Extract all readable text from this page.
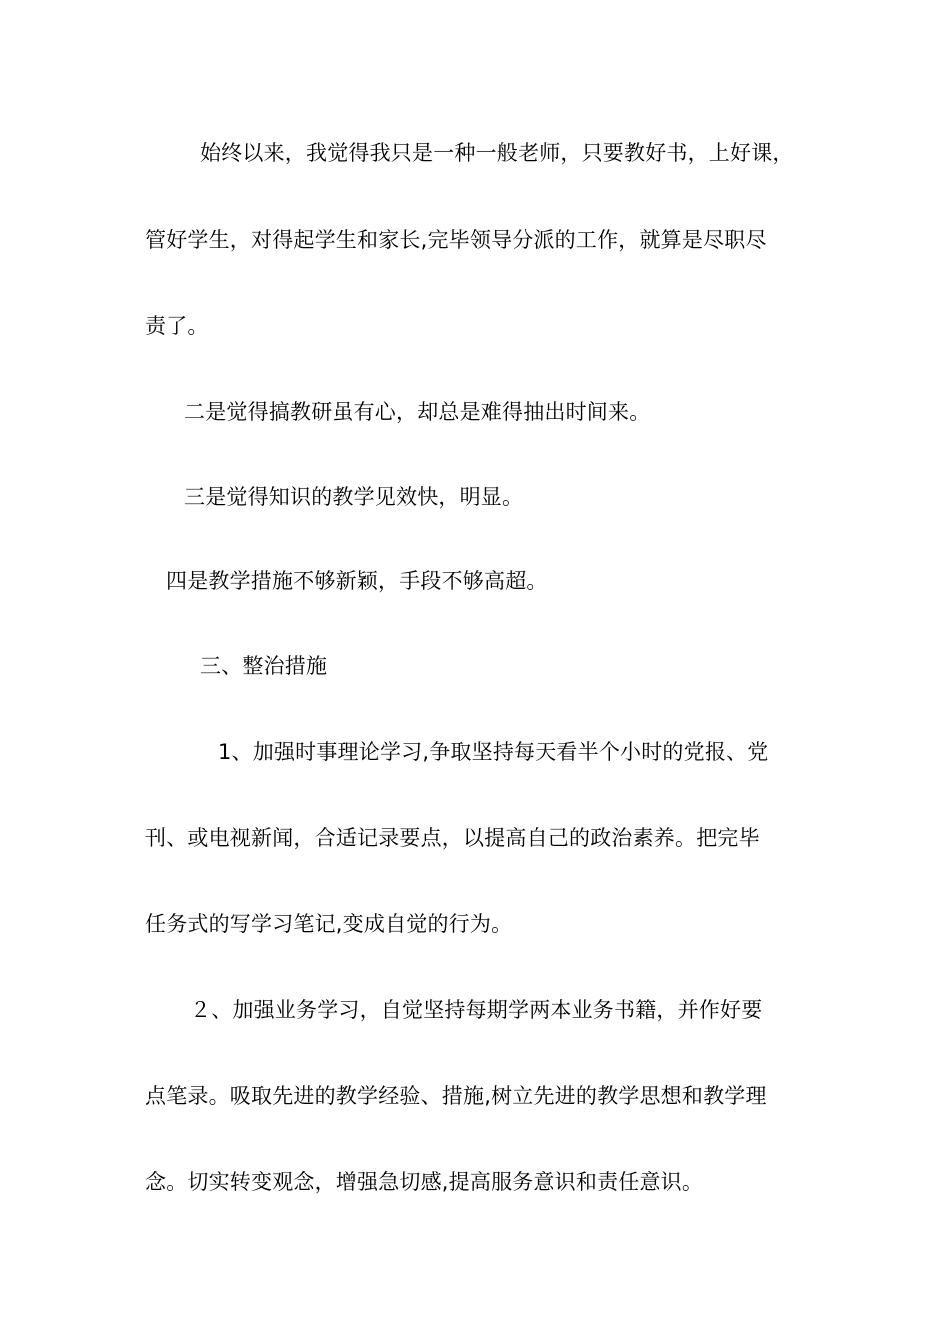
始终以来，我觉得我只是一种一般老师，只要教好书，上好课，
管好学生，对得起学生和家长,完毕领导分派的工作，就算是尽职尽
责了。
二是觉得搞教研虽有心，却总是难得抽出时间来。
三是觉得知识的教学见效快，明显。
四是教学措施不够新颖，手段不够高超。
三、整治措施
1、加强时事理论学习,争取坚持每天看半个小时的党报、党
刊、或电视新闻，合适记录要点，以提高自己的政治素养。把完毕
任务式的写学习笔记,变成自觉的行为。
２、加强业务学习，自觉坚持每期学两本业务书籍，并作好要
点笔录。吸取先进的教学经验、措施,树立先进的教学思想和教学理
念。切实转变观念，增强急切感,提高服务意识和责任意识。
